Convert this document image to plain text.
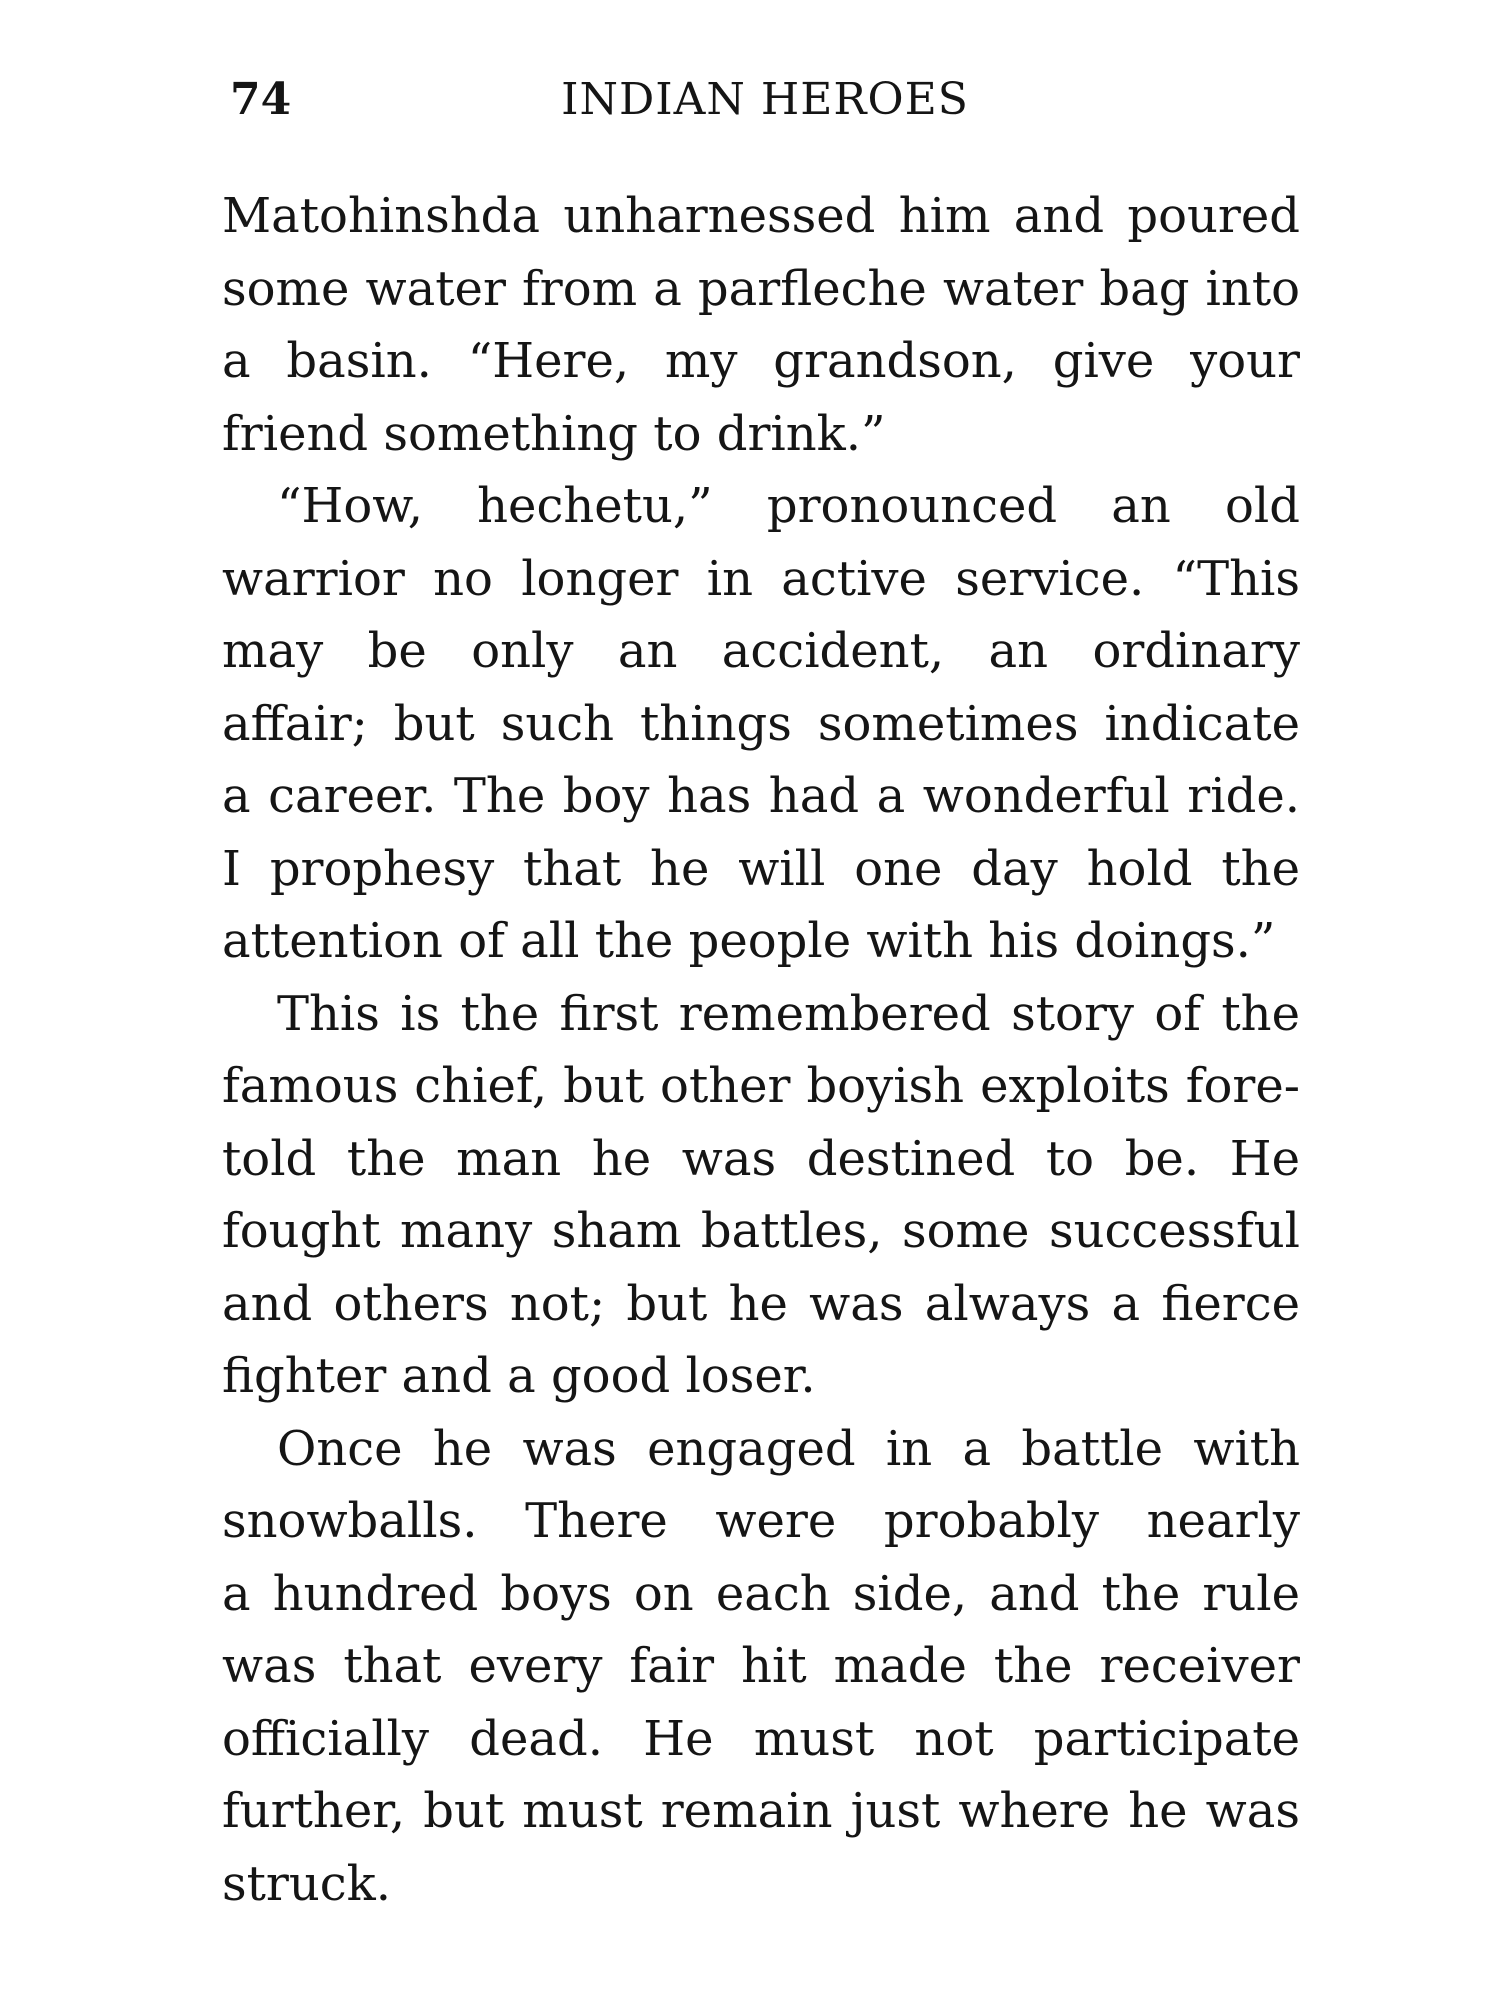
74	INDIAN HEROES
Matohinshda unharnessed him and poured
some water from a parfleche water bag into
a basin. “Here, my grandson, give your
friend something to drink.”
“How, hechetu,” pronounced an old
warrior no longer in active service. “This
may be only an accident, an ordinary
affair; but such things sometimes indicate
a career. The boy has had a wonderful ride.
I prophesy that he will one day hold the
attention of all the people with his doings.”
This is the first remembered story of the
famous chief, but other boyish exploits fore-
told the man he was destined to be. He
fought many sham battles, some successful
and others not; but he was always a fierce
fighter and a good loser.
Once he was engaged in a battle with
snowballs. There were probably nearly
a hundred boys on each side, and the rule
was that every fair hit made the receiver
officially dead. He must not participate
further, but must remain just where he was
struck.
